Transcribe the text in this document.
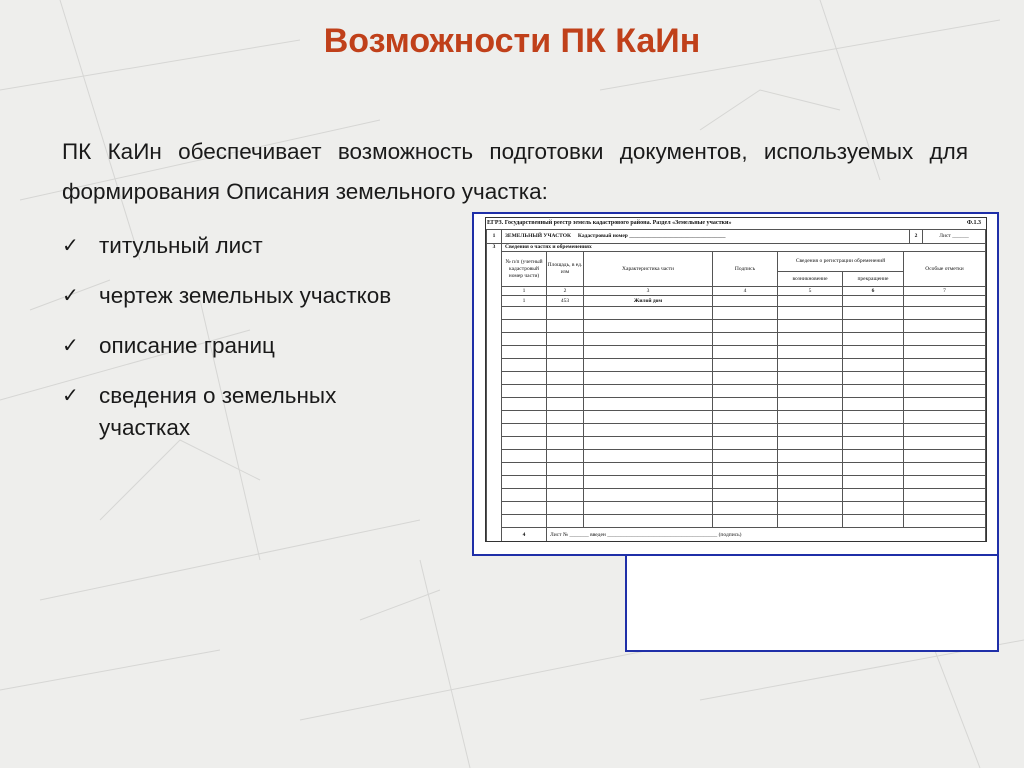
Возможности ПК КаИн
ПК КаИн обеспечивает возможность подготовки документов, используемых для формирования Описания земельного участка:
✓ титульный лист
✓ чертеж земельных участков
✓ описание границ
✓ сведения о земельных участках
ЕГРЗ. Государственный реестр земель кадастрового района. Раздел «Земельные участки»	Ф.1.3
1	ЗЕМЕЛЬНЫЙ УЧАСТОК Кадастровый номер ___________________________________							2	Лист ______
3	Сведения о частях и обременениях								
	№ п/п (учетный кадастровый номер части)	Площадь, в ед. изм	Характеристика части	Подпись	Сведения о регистрации обременений		Особые отметки		
					возникновение	прекращение			
	1	2	3	4	5	6	7		
	1	453	Жилой дом						

	4	Лист № _______ введен ________________________________________ (подпись)							
